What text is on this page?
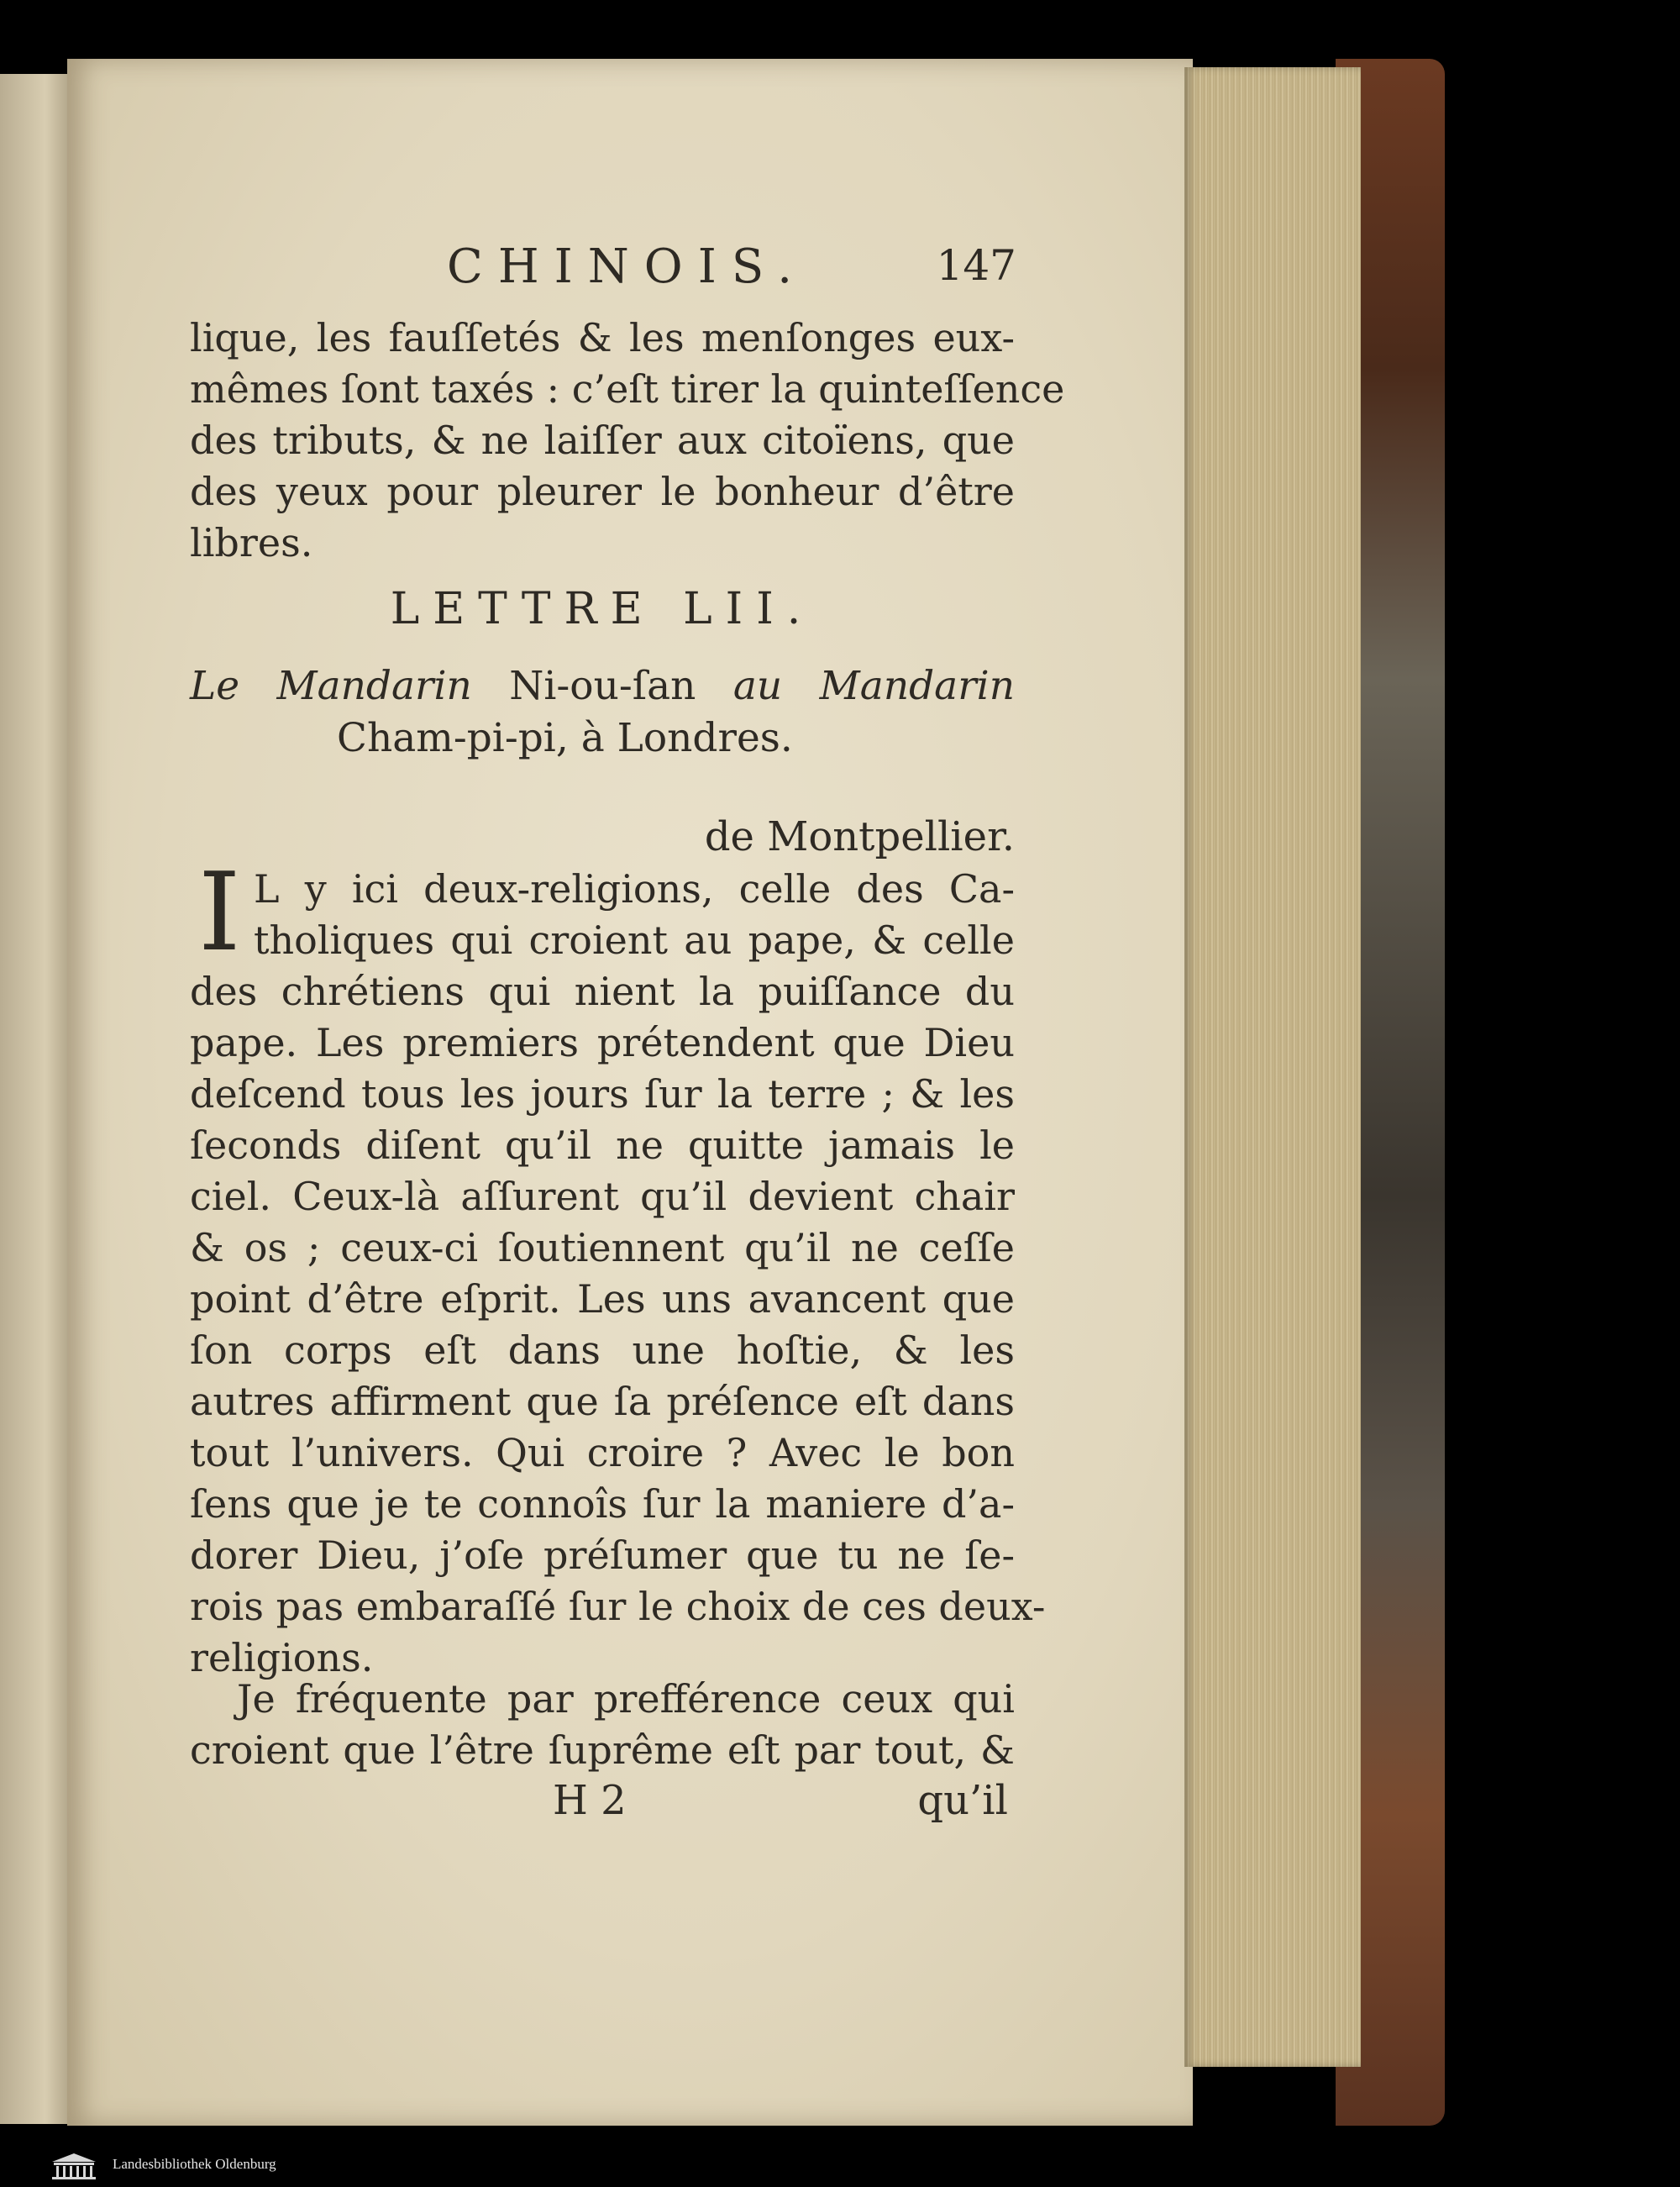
CHINOIS.	147
lique, les fauſſetés & les menſonges eux-
mêmes ſont taxés : c’eſt tirer la quinteſſence
des tributs, & ne laiſſer aux citoïens, que
des yeux pour pleurer le bonheur d’être
libres.
LETTRE LII.
Le Mandarin Ni-ou-ſan au Mandarin
Cham-pi-pi, à Londres.
de Montpellier.
I L y ici deux-religions, celle des Ca-
tholiques qui croient au pape, & celle
des chrétiens qui nient la puiſſance du
pape. Les premiers prétendent que Dieu
deſcend tous les jours ſur la terre ; & les
ſeconds diſent qu’il ne quitte jamais le
ciel. Ceux-là aſſurent qu’il devient chair
& os ; ceux-ci ſoutiennent qu’il ne ceſſe
point d’être eſprit. Les uns avancent que
ſon corps eſt dans une hoſtie, & les
autres affirment que ſa préſence eſt dans
tout l’univers. Qui croire ? Avec le bon
ſens que je te connoîs ſur la maniere d’a-
dorer Dieu, j’oſe préſumer que tu ne ſe-
rois pas embaraſſé ſur le choix de ces deux-
religions.
Je fréquente par prefférence ceux qui
croient que l’être ſuprême eſt par tout, &
H 2	qu’il
Landesbibliothek Oldenburg
